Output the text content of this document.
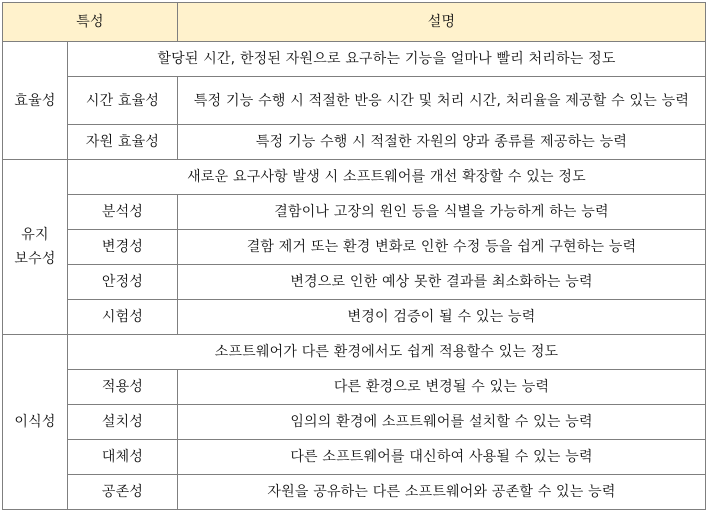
특성		설명
효율성	할당된 시간, 한정된 자원으로 요구하는 기능을 얼마나 빨리 처리하는 정도	
	시간 효율성	특정 기능 수행 시 적절한 반응 시간 및 처리 시간, 처리율을 제공할 수 있는 능력
	자원 효율성	특정 기능 수행 시 적절한 자원의 양과 종류를 제공하는 능력
유지
보수성	새로운 요구사항 발생 시 소프트웨어를 개선 확장할 수 있는 정도	
	분석성	결함이나 고장의 원인 등을 식별을 가능하게 하는 능력
	변경성	결함 제거 또는 환경 변화로 인한 수정 등을 쉽게 구현하는 능력
	안정성	변경으로 인한 예상 못한 결과를 최소화하는 능력
	시험성	변경이 검증이 될 수 있는 능력
이식성	소프트웨어가 다른 환경에서도 쉽게 적용할수 있는 정도	
	적용성	다른 환경으로 변경될 수 있는 능력
	설치성	임의의 환경에 소프트웨어를 설치할 수 있는 능력
	대체성	다른 소프트웨어를 대신하여 사용될 수 있는 능력
	공존성	자원을 공유하는 다른 소프트웨어와 공존할 수 있는 능력
